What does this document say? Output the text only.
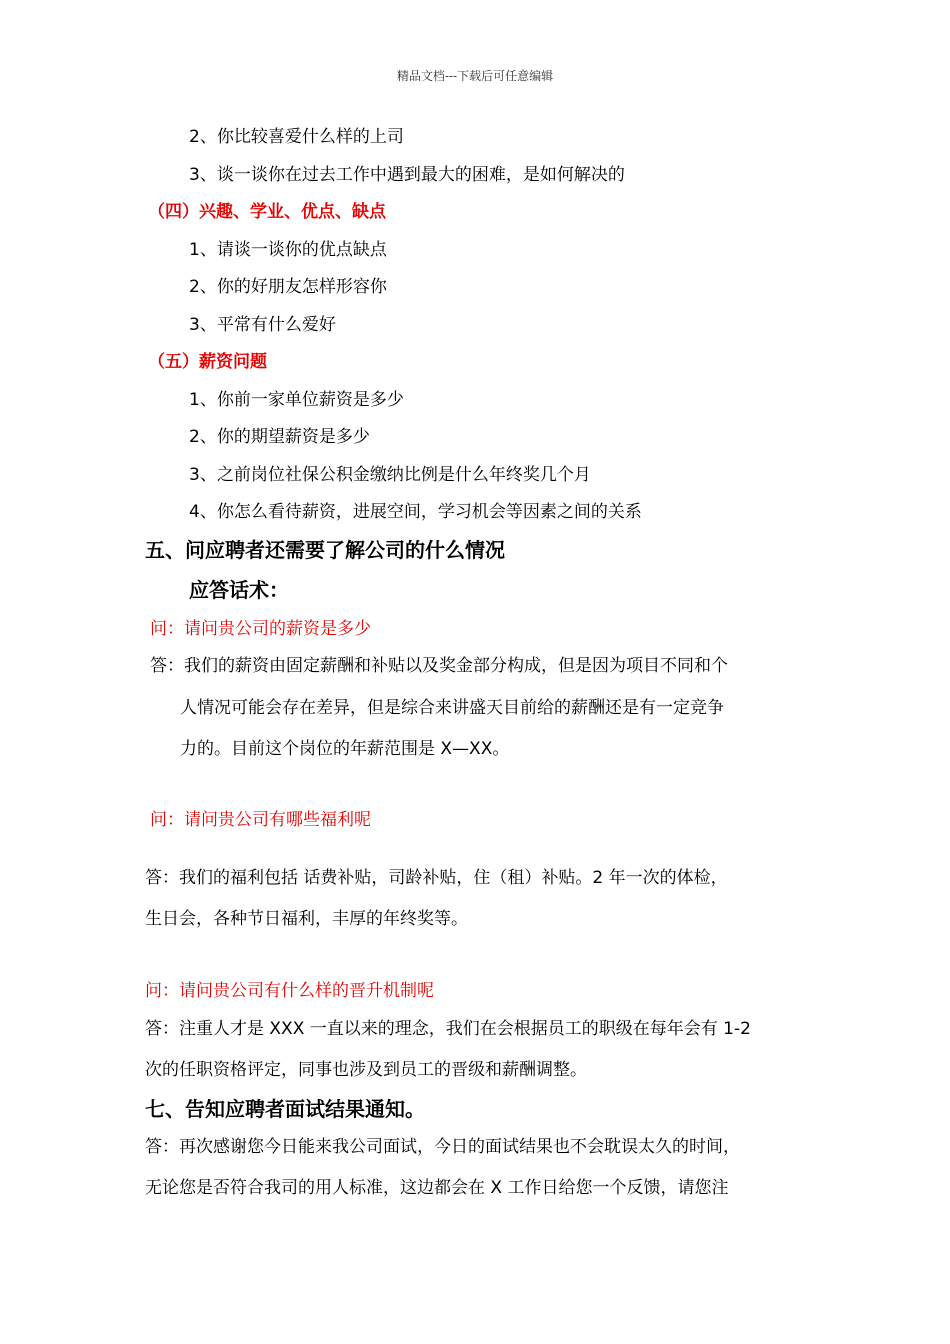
精品文档---下载后可任意编辑
2、你比较喜爱什么样的上司
3、谈一谈你在过去工作中遇到最大的困难，是如何解决的
（四）兴趣、学业、优点、缺点
1、请谈一谈你的优点缺点
2、你的好朋友怎样形容你
3、平常有什么爱好
（五）薪资问题
1、你前一家单位薪资是多少
2、你的期望薪资是多少
3、之前岗位社保公积金缴纳比例是什么年终奖几个月
4、你怎么看待薪资，进展空间，学习机会等因素之间的关系
五、问应聘者还需要了解公司的什么情况
应答话术：
问：请问贵公司的薪资是多少
答：我们的薪资由固定薪酬和补贴以及奖金部分构成，但是因为项目不同和个
人情况可能会存在差异，但是综合来讲盛天目前给的薪酬还是有一定竞争
力的。目前这个岗位的年薪范围是 X—XX。
问：请问贵公司有哪些福利呢
答：我们的福利包括 话费补贴，司龄补贴，住（租）补贴。2 年一次的体检，
生日会，各种节日福利，丰厚的年终奖等。
问：请问贵公司有什么样的晋升机制呢
答：注重人才是 XXX 一直以来的理念，我们在会根据员工的职级在每年会有 1-2
次的任职资格评定，同事也涉及到员工的晋级和薪酬调整。
七、告知应聘者面试结果通知。
答：再次感谢您今日能来我公司面试，今日的面试结果也不会耽误太久的时间，
无论您是否符合我司的用人标准，这边都会在 X 工作日给您一个反馈，请您注
